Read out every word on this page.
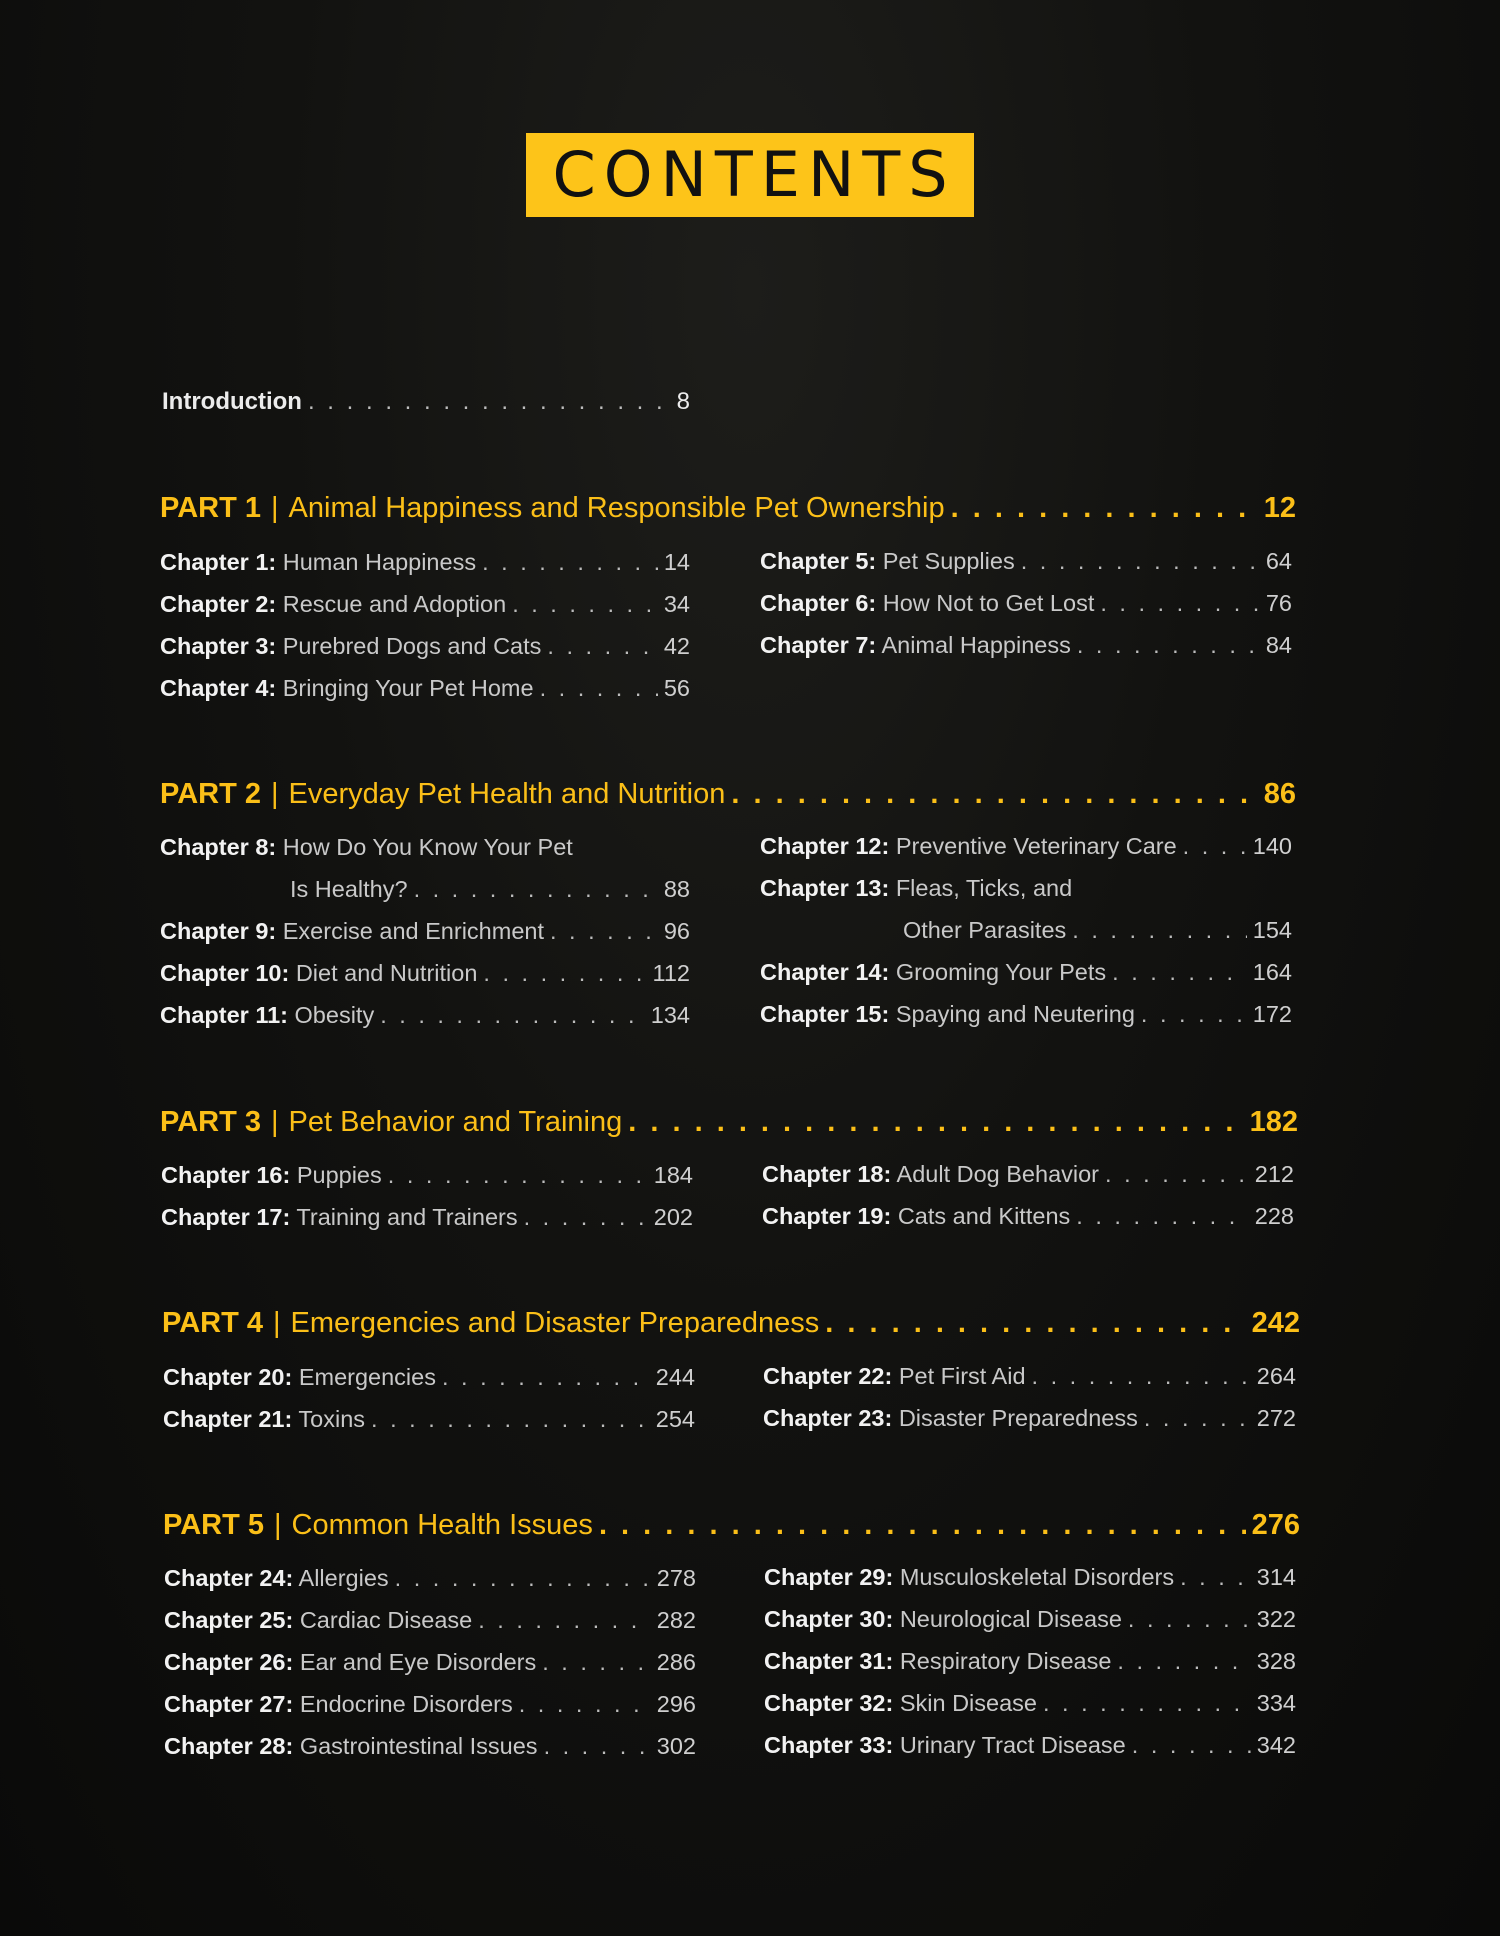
CONTENTS
Introduction . . .	8
PART 1 | Animal Happiness and Responsible Pet Ownership . . .	12
Chapter 1: Human Happiness . . .	14
Chapter 2: Rescue and Adoption . . .	34
Chapter 3: Purebred Dogs and Cats . . .	42
Chapter 4: Bringing Your Pet Home . . .	56
Chapter 5: Pet Supplies . . .	64
Chapter 6: How Not to Get Lost . . .	76
Chapter 7: Animal Happiness . . .	84
PART 2 | Everyday Pet Health and Nutrition . . .	86
Chapter 8: How Do You Know Your Pet
Is Healthy? . . .	88
Chapter 9: Exercise and Enrichment . . .	96
Chapter 10: Diet and Nutrition . . .	112
Chapter 11: Obesity . . .	134
Chapter 12: Preventive Veterinary Care . . .	140
Chapter 13: Fleas, Ticks, and
Other Parasites . . .	154
Chapter 14: Grooming Your Pets . . .	164
Chapter 15: Spaying and Neutering . . .	172
PART 3 | Pet Behavior and Training . . .	182
Chapter 16: Puppies . . .	184
Chapter 17: Training and Trainers . . .	202
Chapter 18: Adult Dog Behavior . . .	212
Chapter 19: Cats and Kittens . . .	228
PART 4 | Emergencies and Disaster Preparedness . . .	242
Chapter 20: Emergencies . . .	244
Chapter 21: Toxins . . .	254
Chapter 22: Pet First Aid . . .	264
Chapter 23: Disaster Preparedness . . .	272
PART 5 | Common Health Issues . . .	276
Chapter 24: Allergies . . .	278
Chapter 25: Cardiac Disease . . .	282
Chapter 26: Ear and Eye Disorders . . .	286
Chapter 27: Endocrine Disorders . . .	296
Chapter 28: Gastrointestinal Issues . . .	302
Chapter 29: Musculoskeletal Disorders . . .	314
Chapter 30: Neurological Disease . . .	322
Chapter 31: Respiratory Disease . . .	328
Chapter 32: Skin Disease . . .	334
Chapter 33: Urinary Tract Disease . . .	342
